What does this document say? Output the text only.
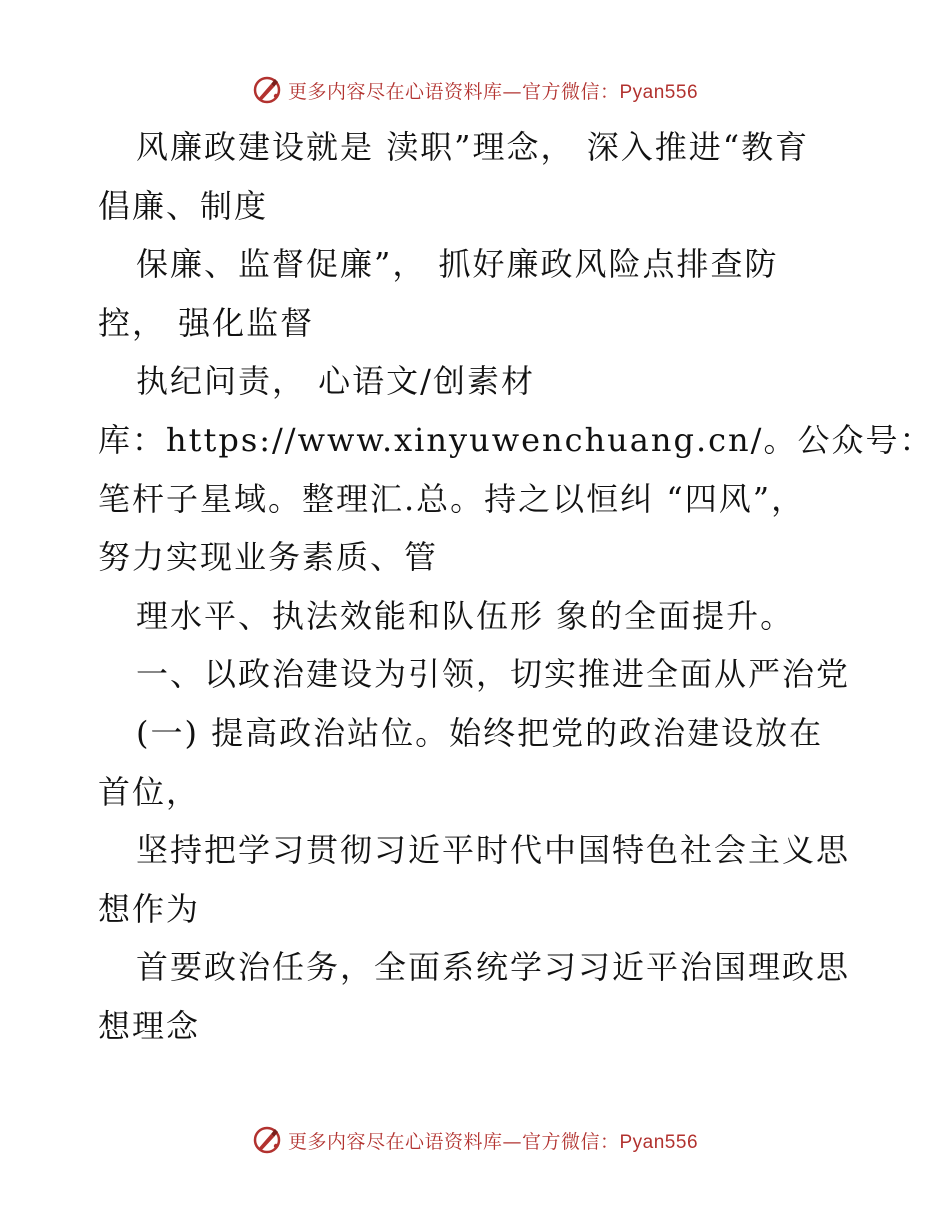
更多内容尽在心语资料库—官方微信：Pyan556
风廉政建设就是 渎职”理念， 深入推进“教育
倡廉、制度
保廉、监督促廉”， 抓好廉政风险点排查防
控， 强化监督
执纪问责， 心语文/创素材
库：https://www.xinyuwenchuang.cn/。公众号：
笔杆子星域。整理汇.总。持之以恒纠 “四风”，
努力实现业务素质、管
理水平、执法效能和队伍形 象的全面提升。
一、以政治建设为引领，切实推进全面从严治党
(一) 提高政治站位。始终把党的政治建设放在
首位，
坚持把学习贯彻习近平时代中国特色社会主义思
想作为
首要政治任务，全面系统学习习近平治国理政思
想理念
更多内容尽在心语资料库—官方微信：Pyan556
